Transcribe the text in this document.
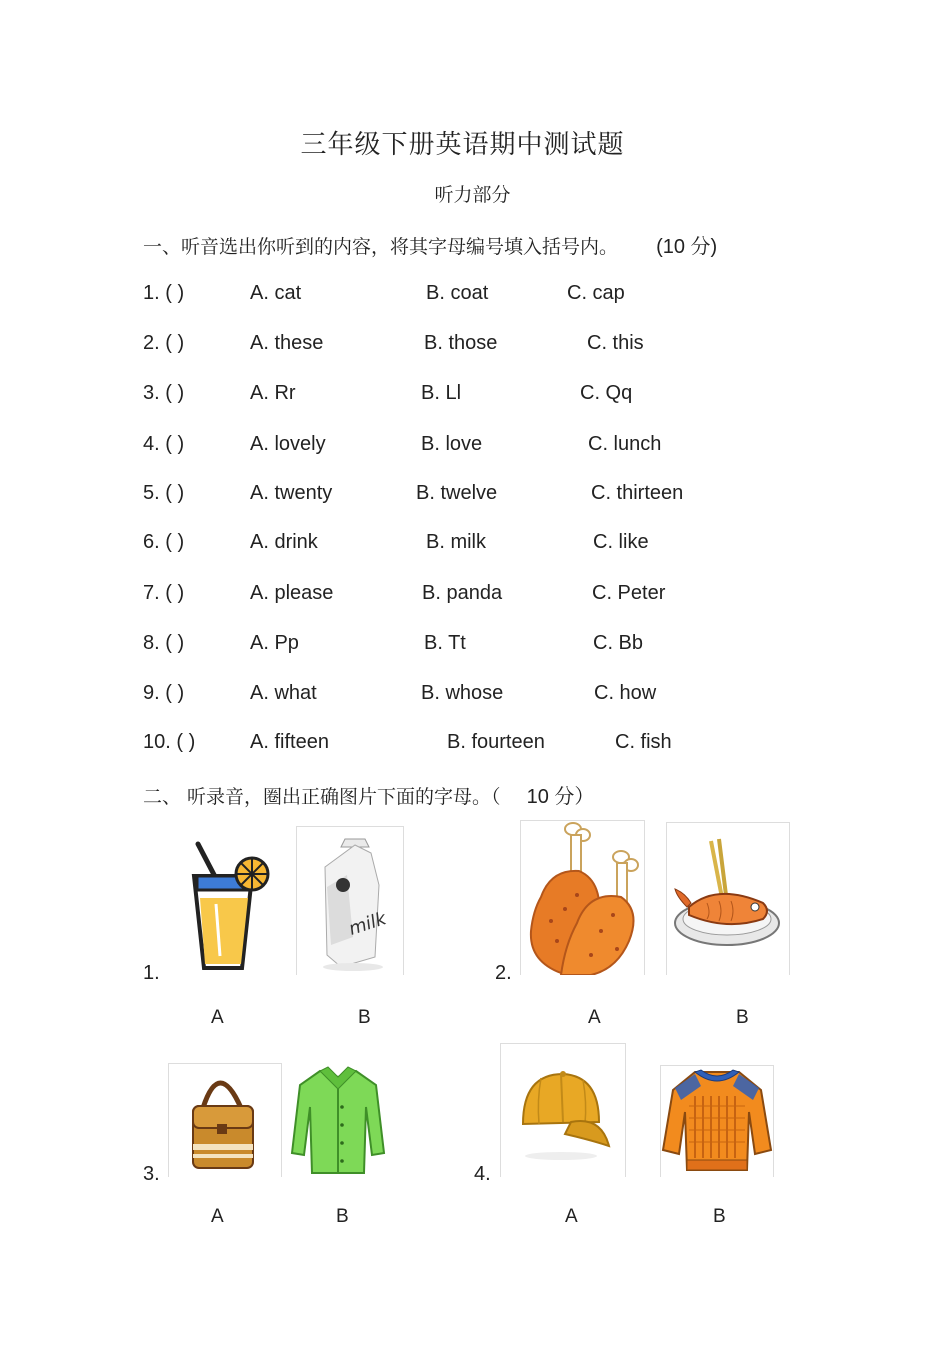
三年级下册英语期中测试题
听力部分
一、听音选出你听到的内容，将其字母编号填入括号内。 (10 分)
1. ( )	A. cat	B. coat	C. cap
2. ( )	A. these	B. those	C. this
3. ( )	A. Rr	B. Ll	C. Qq
4. ( )	A. lovely	B. love	C. lunch
5. ( )	A. twenty	B. twelve	C. thirteen
6. ( )	A. drink	B. milk	C. like
7. ( )	A. please	B. panda	C. Peter
8. ( )	A. Pp	B. Tt	C. Bb
9. ( )	A. what	B. whose	C. how
10. ( )	A. fifteen	B. fourteen	C. fish
二、 听录音，圈出正确图片下面的字母。（ 10 分）
1.
milk
A	B
2.
A	B
3.
A	B
4.
A	B
